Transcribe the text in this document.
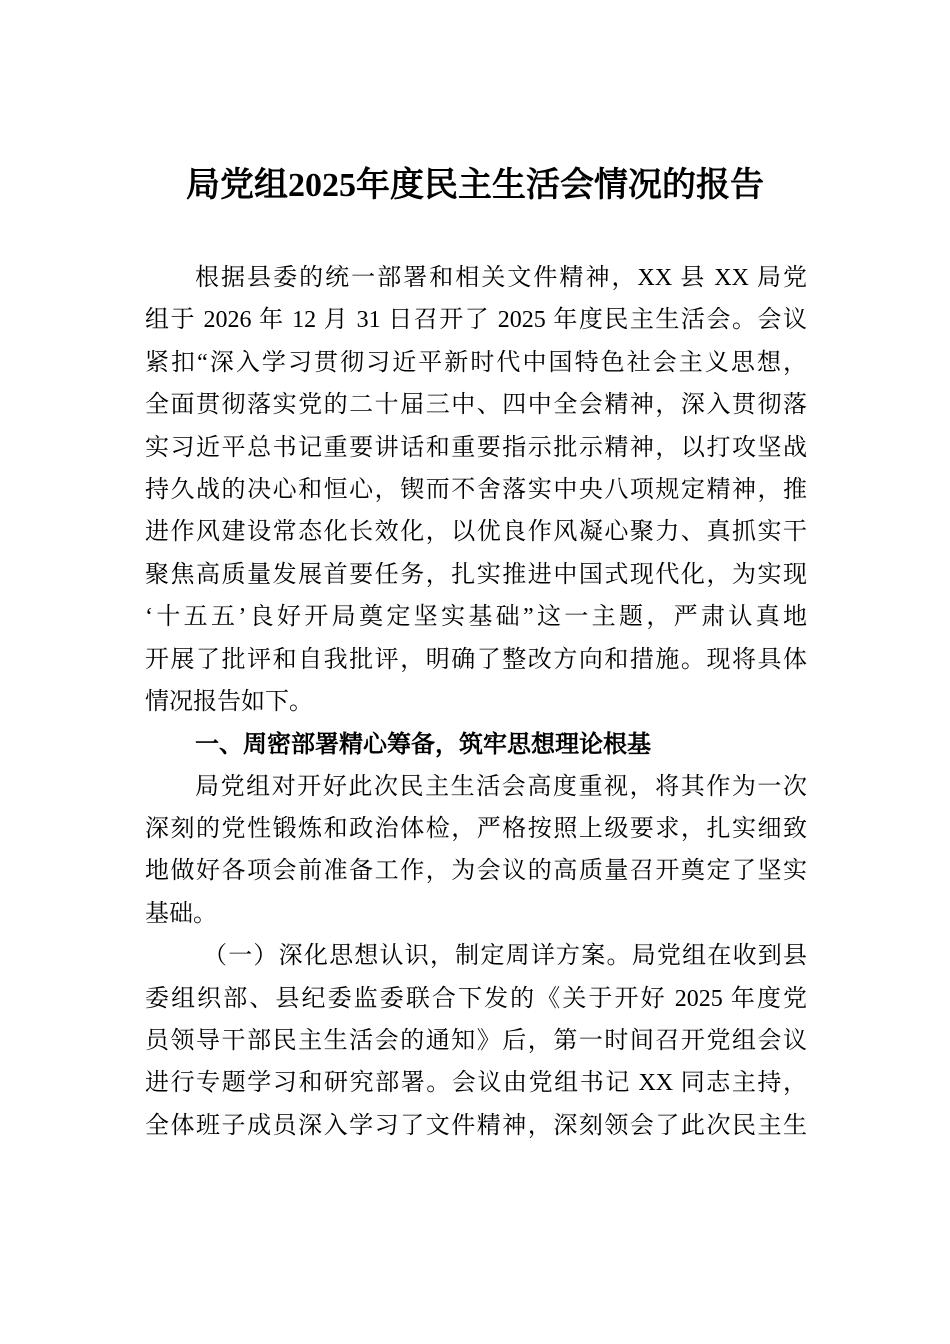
局党组2025年度民主生活会情况的报告
根据县委的统一部署和相关文件精神，XX 县 XX 局党
组于 2026 年 12 月 31 日召开了 2025 年度民主生活会。会议
紧扣“深入学习贯彻习近平新时代中国特色社会主义思想，
全面贯彻落实党的二十届三中、四中全会精神，深入贯彻落
实习近平总书记重要讲话和重要指示批示精神，以打攻坚战
持久战的决心和恒心，锲而不舍落实中央八项规定精神，推
进作风建设常态化长效化，以优良作风凝心聚力、真抓实干
聚焦高质量发展首要任务，扎实推进中国式现代化，为实现
‘十五五’良好开局奠定坚实基础”这一主题，严肃认真地
开展了批评和自我批评，明确了整改方向和措施。现将具体
情况报告如下。
一、周密部署精心筹备，筑牢思想理论根基
局党组对开好此次民主生活会高度重视，将其作为一次
深刻的党性锻炼和政治体检，严格按照上级要求，扎实细致
地做好各项会前准备工作，为会议的高质量召开奠定了坚实
基础。
（一）深化思想认识，制定周详方案。局党组在收到县
委组织部、县纪委监委联合下发的《关于开好 2025 年度党
员领导干部民主生活会的通知》后，第一时间召开党组会议
进行专题学习和研究部署。会议由党组书记 XX 同志主持，
全体班子成员深入学习了文件精神，深刻领会了此次民主生
